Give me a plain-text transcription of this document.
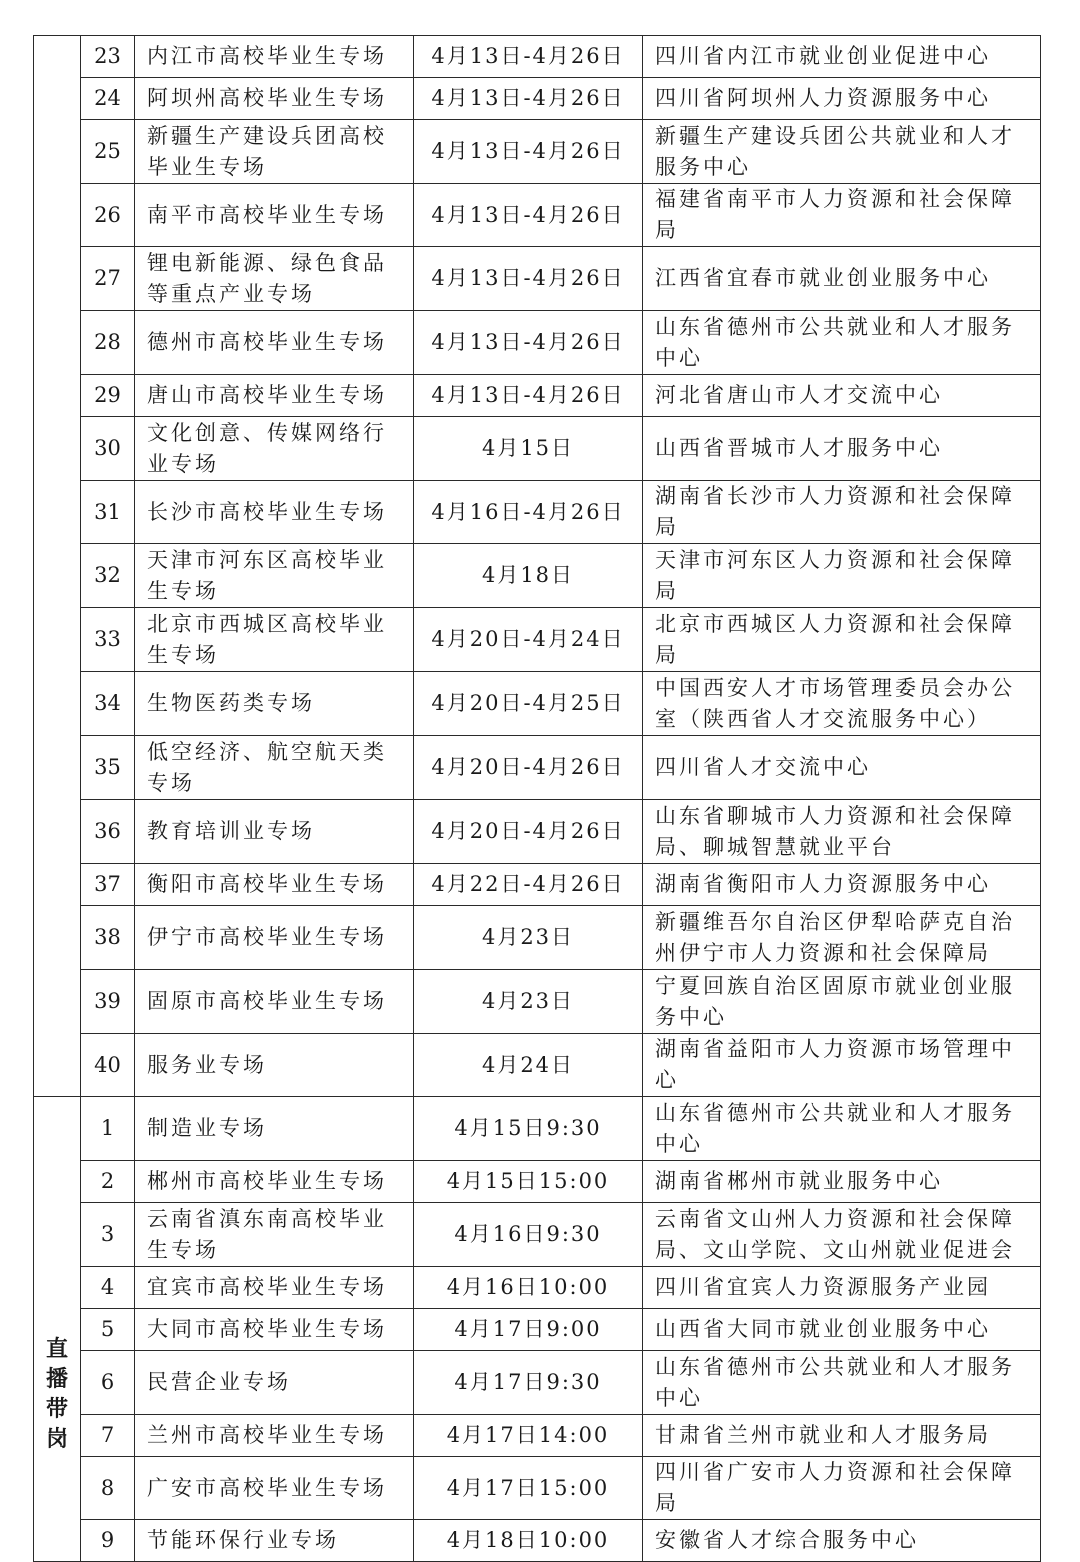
	23	内江市高校毕业生专场	4月13日-4月26日	四川省内江市就业创业促进中心
	24	阿坝州高校毕业生专场	4月13日-4月26日	四川省阿坝州人力资源服务中心
	25	新疆生产建设兵团高校毕业生专场	4月13日-4月26日	新疆生产建设兵团公共就业和人才服务中心
	26	南平市高校毕业生专场	4月13日-4月26日	福建省南平市人力资源和社会保障局
	27	锂电新能源、绿色食品等重点产业专场	4月13日-4月26日	江西省宜春市就业创业服务中心
	28	德州市高校毕业生专场	4月13日-4月26日	山东省德州市公共就业和人才服务中心
	29	唐山市高校毕业生专场	4月13日-4月26日	河北省唐山市人才交流中心
	30	文化创意、传媒网络行业专场	4月15日	山西省晋城市人才服务中心
	31	长沙市高校毕业生专场	4月16日-4月26日	湖南省长沙市人力资源和社会保障局
	32	天津市河东区高校毕业生专场	4月18日	天津市河东区人力资源和社会保障局
	33	北京市西城区高校毕业生专场	4月20日-4月24日	北京市西城区人力资源和社会保障局
	34	生物医药类专场	4月20日-4月25日	中国西安人才市场管理委员会办公室（陕西省人才交流服务中心）
	35	低空经济、航空航天类专场	4月20日-4月26日	四川省人才交流中心
	36	教育培训业专场	4月20日-4月26日	山东省聊城市人力资源和社会保障局、聊城智慧就业平台
	37	衡阳市高校毕业生专场	4月22日-4月26日	湖南省衡阳市人力资源服务中心
	38	伊宁市高校毕业生专场	4月23日	新疆维吾尔自治区伊犁哈萨克自治州伊宁市人力资源和社会保障局
	39	固原市高校毕业生专场	4月23日	宁夏回族自治区固原市就业创业服务中心
	40	服务业专场	4月24日	湖南省益阳市人力资源市场管理中心
直播带岗	1	制造业专场	4月15日9:30	山东省德州市公共就业和人才服务中心
	2	郴州市高校毕业生专场	4月15日15:00	湖南省郴州市就业服务中心
	3	云南省滇东南高校毕业生专场	4月16日9:30	云南省文山州人力资源和社会保障局、文山学院、文山州就业促进会
	4	宜宾市高校毕业生专场	4月16日10:00	四川省宜宾人力资源服务产业园
	5	大同市高校毕业生专场	4月17日9:00	山西省大同市就业创业服务中心
	6	民营企业专场	4月17日9:30	山东省德州市公共就业和人才服务中心
	7	兰州市高校毕业生专场	4月17日14:00	甘肃省兰州市就业和人才服务局
	8	广安市高校毕业生专场	4月17日15:00	四川省广安市人力资源和社会保障局
	9	节能环保行业专场	4月18日10:00	安徽省人才综合服务中心
